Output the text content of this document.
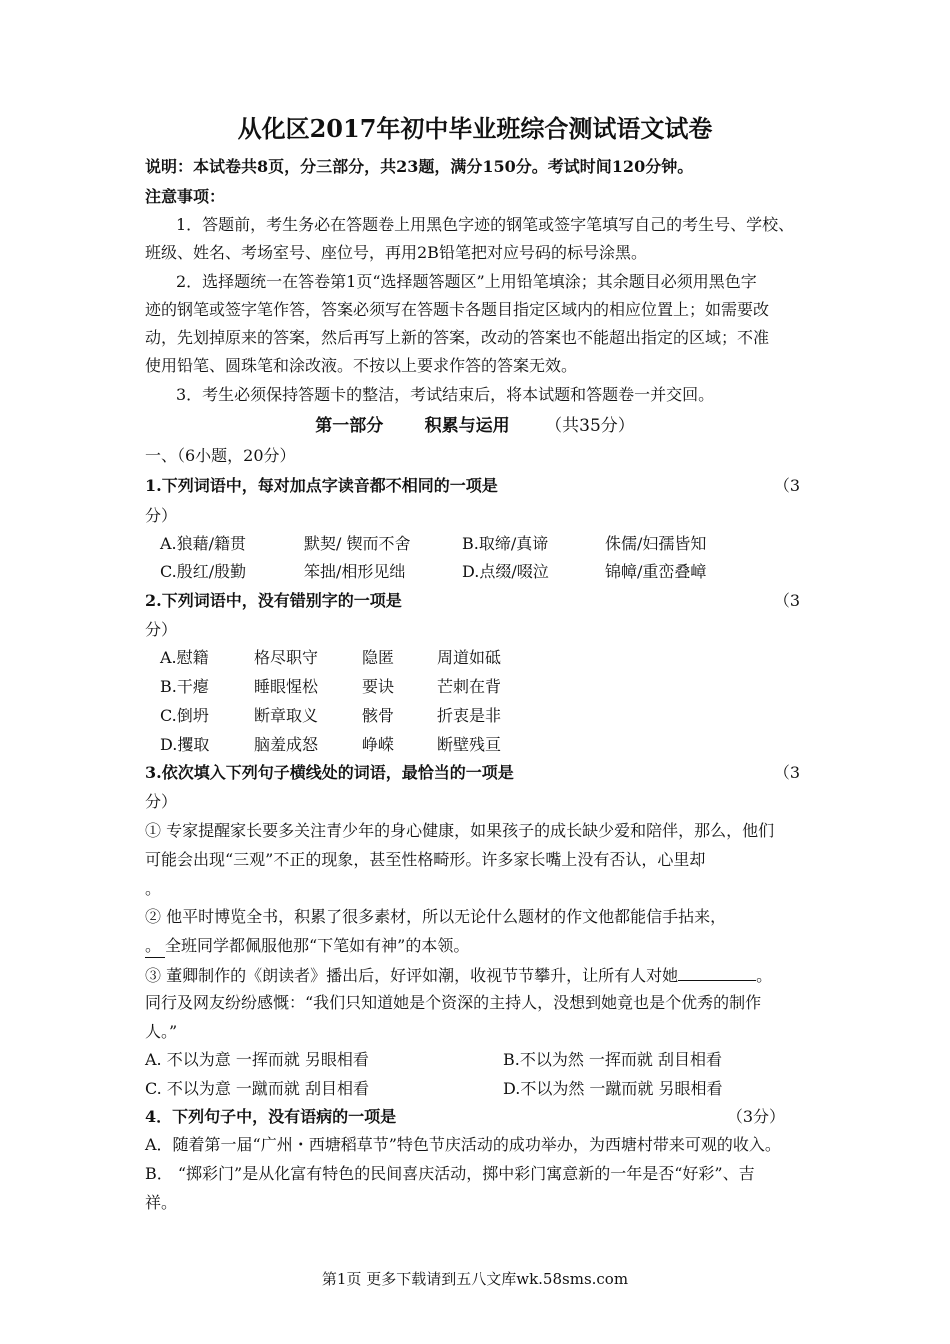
从化区2017年初中毕业班综合测试语文试卷
说明：本试卷共8页，分三部分，共23题，满分150分。考试时间120分钟。
注意事项：
1．答题前，考生务必在答题卷上用黑色字迹的钢笔或签字笔填写自己的考生号、学校、
班级、姓名、考场室号、座位号，再用2B铅笔把对应号码的标号涂黑。
2．选择题统一在答卷第1页“选择题答题区”上用铅笔填涂；其余题目必须用黑色字
迹的钢笔或签字笔作答，答案必须写在答题卡各题目指定区域内的相应位置上；如需要改
动，先划掉原来的答案，然后再写上新的答案，改动的答案也不能超出指定的区域；不准
使用铅笔、圆珠笔和涂改液。不按以上要求作答的答案无效。
3．考生必须保持答题卡的整洁，考试结束后，将本试题和答题卷一并交回。
第一部分 积累与运用 （共35分）
一、（6小题，20分）
1.下列词语中，每对加点字读音都不相同的一项是	（3
分）
A.狼藉/籍贯	默契/ 锲而不舍	B.取缔/真谛	侏儒/妇孺皆知
C.殷红/殷勤	笨拙/相形见绌	D.点缀/啜泣	锦幛/重峦叠嶂
2.下列词语中，没有错别字的一项是	（3
分）
A.慰籍	格尽职守	隐匿	周道如砥
B.干瘪	睡眼惺松	要诀	芒刺在背
C.倒坍	断章取义	骸骨	折衷是非
D.攫取	脑羞成怒	峥嵘	断壁残亘
3.依次填入下列句子横线处的词语，最恰当的一项是	（3
分）
① 专家提醒家长要多关注青少年的身心健康，如果孩子的成长缺少爱和陪伴，那么，他们
可能会出现“三观”不正的现象，甚至性格畸形。许多家长嘴上没有否认，心里却
。
② 他平时博览全书，积累了很多素材，所以无论什么题材的作文他都能信手拈来，
。 全班同学都佩服他那“下笔如有神”的本领。
③ 董卿制作的《朗读者》播出后，好评如潮，收视节节攀升，让所有人对她	。
同行及网友纷纷感慨：“我们只知道她是个资深的主持人，没想到她竟也是个优秀的制作
人。”
A. 不以为意 一挥而就 另眼相看	B.不以为然 一挥而就 刮目相看
C. 不以为意 一蹴而就 刮目相看	D.不以为然 一蹴而就 另眼相看
4．下列句子中，没有语病的一项是	（3分）
A．随着第一届“广州・西塘稻草节”特色节庆活动的成功举办，为西塘村带来可观的收入。
B． “掷彩门”是从化富有特色的民间喜庆活动，掷中彩门寓意新的一年是否“好彩”、吉
祥。
第1页 更多下载请到五八文库wk.58sms.com
